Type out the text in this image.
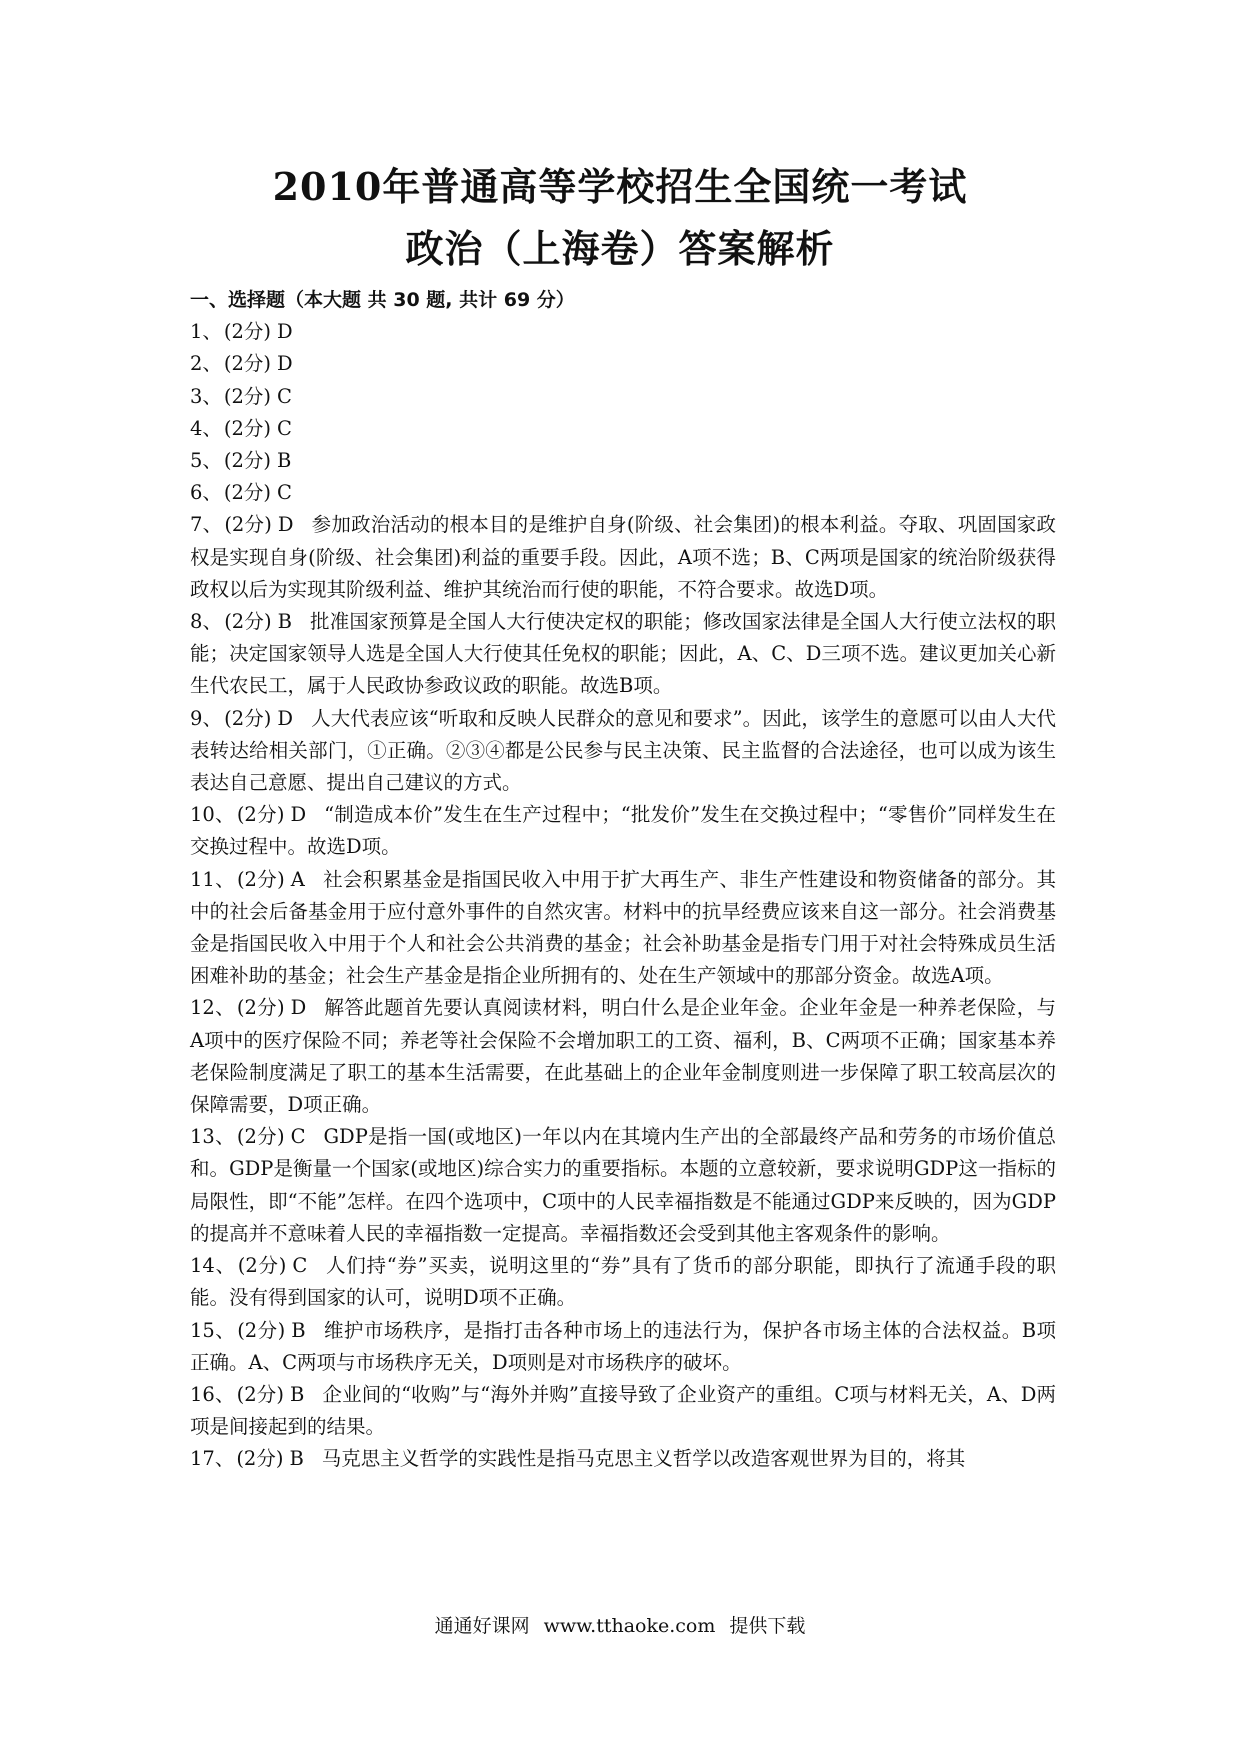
2010年普通高等学校招生全国统一考试
政治（上海卷）答案解析

一、选择题（本大题 共 30 题, 共计 69 分）

1、 (2分) D

2、 (2分) D

3、 (2分) C

4、 (2分) C

5、 (2分) B

6、 (2分) C

7、 (2分) D 参加政治活动的根本目的是维护自身(阶级、社会集团)的根本利益。夺取、巩固国家政权是实现自身(阶级、社会集团)利益的重要手段。因此，A项不选；B、C两项是国家的统治阶级获得政权以后为实现其阶级利益、维护其统治而行使的职能，不符合要求。故选D项。

8、 (2分) B 批准国家预算是全国人大行使决定权的职能；修改国家法律是全国人大行使立法权的职能；决定国家领导人选是全国人大行使其任免权的职能；因此，A、C、D三项不选。建议更加关心新生代农民工，属于人民政协参政议政的职能。故选B项。

9、 (2分) D 人大代表应该“听取和反映人民群众的意见和要求”。因此，该学生的意愿可以由人大代表转达给相关部门，①正确。②③④都是公民参与民主决策、民主监督的合法途径，也可以成为该生表达自己意愿、提出自己建议的方式。

10、 (2分) D “制造成本价”发生在生产过程中；“批发价”发生在交换过程中；“零售价”同样发生在交换过程中。故选D项。

11、 (2分) A 社会积累基金是指国民收入中用于扩大再生产、非生产性建设和物资储备的部分。其中的社会后备基金用于应付意外事件的自然灾害。材料中的抗旱经费应该来自这一部分。社会消费基金是指国民收入中用于个人和社会公共消费的基金；社会补助基金是指专门用于对社会特殊成员生活困难补助的基金；社会生产基金是指企业所拥有的、处在生产领域中的那部分资金。故选A项。

12、 (2分) D 解答此题首先要认真阅读材料，明白什么是企业年金。企业年金是一种养老保险，与A项中的医疗保险不同；养老等社会保险不会增加职工的工资、福利，B、C两项不正确；国家基本养老保险制度满足了职工的基本生活需要，在此基础上的企业年金制度则进一步保障了职工较高层次的保障需要，D项正确。

13、 (2分) C GDP是指一国(或地区)一年以内在其境内生产出的全部最终产品和劳务的市场价值总和。GDP是衡量一个国家(或地区)综合实力的重要指标。本题的立意较新，要求说明GDP这一指标的局限性，即“不能”怎样。在四个选项中，C项中的人民幸福指数是不能通过GDP来反映的，因为GDP的提高并不意味着人民的幸福指数一定提高。幸福指数还会受到其他主客观条件的影响。

14、 (2分) C 人们持“券”买卖，说明这里的“券”具有了货币的部分职能，即执行了流通手段的职能。没有得到国家的认可，说明D项不正确。

15、 (2分) B 维护市场秩序，是指打击各种市场上的违法行为，保护各市场主体的合法权益。B项正确。A、C两项与市场秩序无关，D项则是对市场秩序的破坏。

16、 (2分) B 企业间的“收购”与“海外并购”直接导致了企业资产的重组。C项与材料无关，A、D两项是间接起到的结果。

17、 (2分) B 马克思主义哲学的实践性是指马克思主义哲学以改造客观世界为目的，将其

通通好课网 www.tthaoke.com 提供下载
